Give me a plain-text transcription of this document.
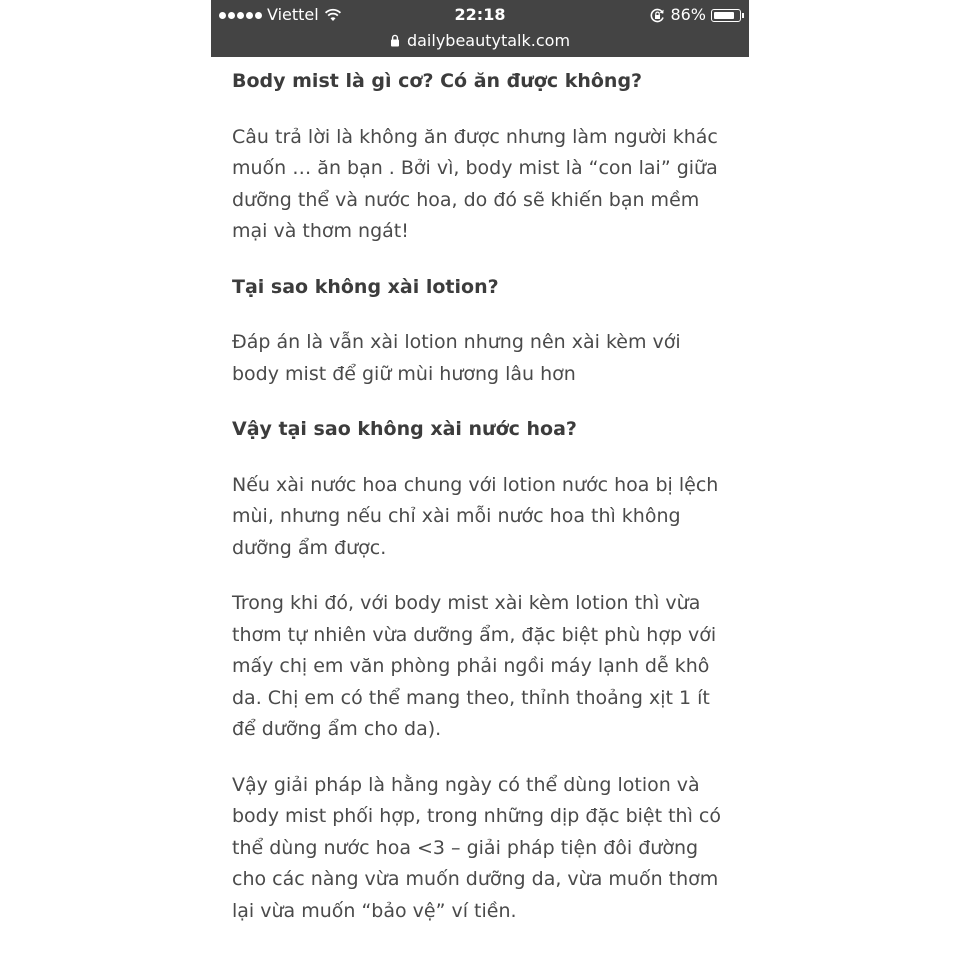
Viettel	22:18	86%
dailybeautytalk.com

Body mist là gì cơ? Có ăn được không?

Câu trả lời là không ăn được nhưng làm người khác muốn … ăn bạn . Bởi vì, body mist là “con lai” giữa dưỡng thể và nước hoa, do đó sẽ khiến bạn mềm mại và thơm ngát!

Tại sao không xài lotion?

Đáp án là vẫn xài lotion nhưng nên xài kèm với body mist để giữ mùi hương lâu hơn

Vậy tại sao không xài nước hoa?

Nếu xài nước hoa chung với lotion nước hoa bị lệch mùi, nhưng nếu chỉ xài mỗi nước hoa thì không dưỡng ẩm được.

Trong khi đó, với body mist xài kèm lotion thì vừa thơm tự nhiên vừa dưỡng ẩm, đặc biệt phù hợp với mấy chị em văn phòng phải ngồi máy lạnh dễ khô da. Chị em có thể mang theo, thỉnh thoảng xịt 1 ít để dưỡng ẩm cho da).

Vậy giải pháp là hằng ngày có thể dùng lotion và body mist phối hợp, trong những dịp đặc biệt thì có thể dùng nước hoa <3 – giải pháp tiện đôi đường cho các nàng vừa muốn dưỡng da, vừa muốn thơm lại vừa muốn “bảo vệ” ví tiền.
